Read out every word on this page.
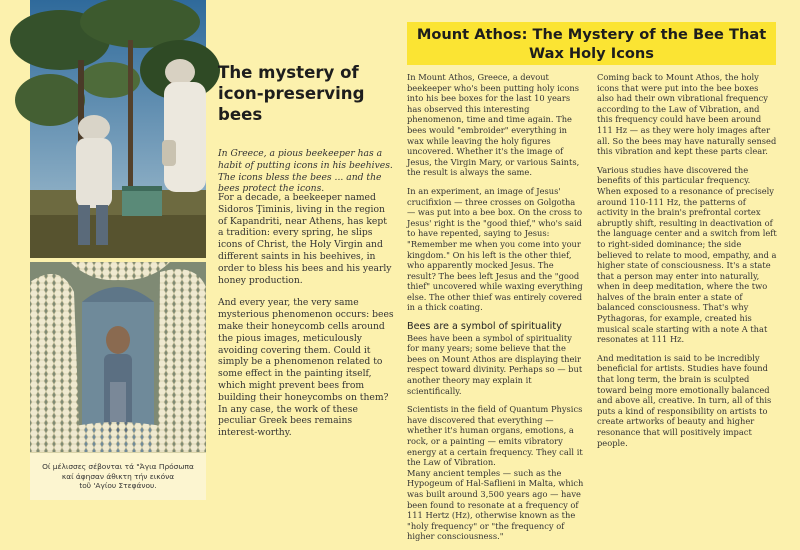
Οί μέλισσες σέβονται τά "Άγια Πρόσωπα
καί άφησαν άθικτη τήν εικόνα
tοῦ 'Αγίου Στεφάνου.
The mystery of
icon-preserving
bees

In Greece, a pious beekeeper has a habit of putting icons in his beehives. The icons bless the bees ... and the bees protect the icons.

For a decade, a beekeeper named Sidoros Ţiminis, living in the region of Kapandriti, near Athens, has kept a tradition: every spring, he slips icons of Christ, the Holy Virgin and different saints in his beehives, in order to bless his bees and his yearly honey production.

And every year, the very same mysterious phenomenon occurs: bees make their honeycomb cells around the pious images, meticulously avoiding covering them. Could it simply be a phenomenon related to some effect in the painting itself, which might prevent bees from building their honeycombs on them? In any case, the work of these peculiar Greek bees remains interest-worthy.

Mount Athos: The Mystery of the Bee That
Wax Holy Icons

In Mount Athos, Greece, a devout beekeeper who's been putting holy icons into his bee boxes for the last 10 years has observed this interesting phenomenon, time and time again. The bees would "embroider" everything in wax while leaving the holy figures uncovered. Whether it's the image of Jesus, the Virgin Mary, or various Saints, the result is always the same.

In an experiment, an image of Jesus' crucifixion — three crosses on Golgotha — was put into a bee box. On the cross to Jesus' right is the "good thief," who's said to have repented, saying to Jesus: "Remember me when you come into your kingdom." On his left is the other thief, who apparently mocked Jesus. The result? The bees left Jesus and the "good thief" uncovered while waxing everything else. The other thief was entirely covered in a thick coating.

Bees are a symbol of spirituality

Bees have been a symbol of spirituality for many years; some believe that the bees on Mount Athos are displaying their respect toward divinity. Perhaps so — but another theory may explain it scientifically.

Scientists in the field of Quantum Physics have discovered that everything — whether it's human organs, emotions, a rock, or a painting — emits vibratory energy at a certain frequency. They call it the Law of Vibration.
Many ancient temples — such as the Hypogeum of Hal-Saflieni in Malta, which was built around 3,500 years ago — have been found to resonate at a frequency of 111 Hertz (Hz), otherwise known as the "holy frequency" or "the frequency of higher consciousness."

Coming back to Mount Athos, the holy icons that were put into the bee boxes also had their own vibrational frequency according to the Law of Vibration, and this frequency could have been around 111 Hz — as they were holy images after all. So the bees may have naturally sensed this vibration and kept these parts clear.

Various studies have discovered the benefits of this particular frequency. When exposed to a resonance of precisely around 110-111 Hz, the patterns of activity in the brain's prefrontal cortex abruptly shift, resulting in deactivation of the language center and a switch from left to right-sided dominance; the side believed to relate to mood, empathy, and a higher state of consciousness. It's a state that a person may enter into naturally, when in deep meditation, where the two halves of the brain enter a state of balanced consciousness. That's why Pythagoras, for example, created his musical scale starting with a note A that resonates at 111 Hz.

And meditation is said to be incredibly beneficial for artists. Studies have found that long term, the brain is sculpted toward being more emotionally balanced and above all, creative. In turn, all of this puts a kind of responsibility on artists to create artworks of beauty and higher resonance that will positively impact people.
